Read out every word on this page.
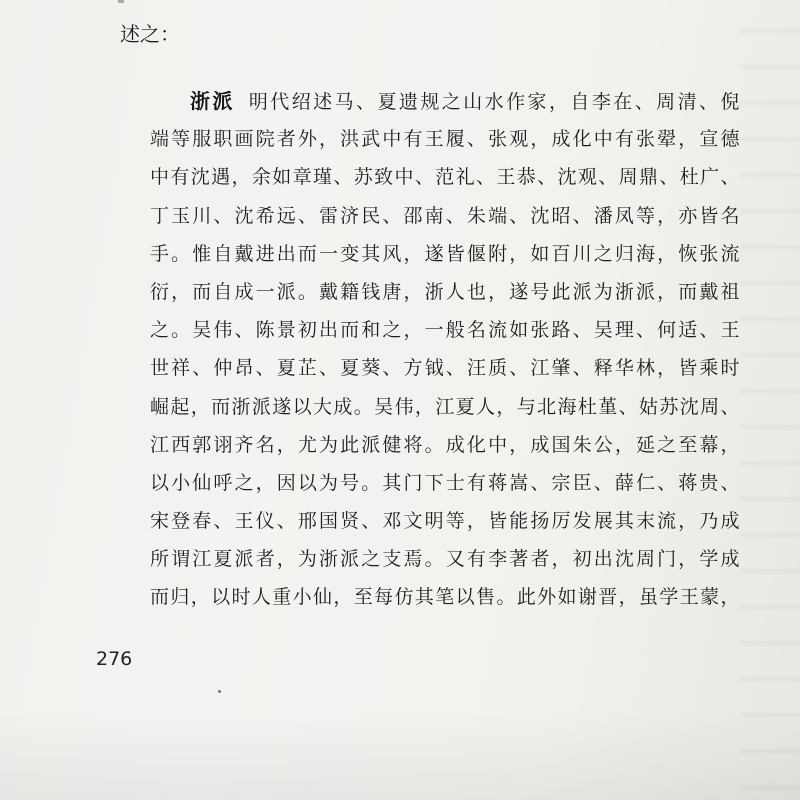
述之：

浙派 明代绍述马、夏遗规之山水作家，自李在、周清、倪
端等服职画院者外，洪武中有王履、张观，成化中有张翚，宣德
中有沈遇，余如章瑾、苏致中、范礼、王恭、沈观、周鼎、杜广、
丁玉川、沈希远、雷济民、邵南、朱端、沈昭、潘凤等，亦皆名
手。惟自戴进出而一变其风，遂皆偃附，如百川之归海，恢张流
衍，而自成一派。戴籍钱唐，浙人也，遂号此派为浙派，而戴祖
之。吴伟、陈景初出而和之，一般名流如张路、吴理、何适、王
世祥、仲昂、夏芷、夏葵、方钺、汪质、江肇、释华林，皆乘时
崛起，而浙派遂以大成。吴伟，江夏人，与北海杜堇、姑苏沈周、
江西郭诩齐名，尤为此派健将。成化中，成国朱公，延之至幕，
以小仙呼之，因以为号。其门下士有蒋嵩、宗臣、薛仁、蒋贵、
宋登春、王仪、邢国贤、邓文明等，皆能扬厉发展其末流，乃成
所谓江夏派者，为浙派之支焉。又有李著者，初出沈周门，学成
而归，以时人重小仙，至每仿其笔以售。此外如谢晋，虽学王蒙，
276
